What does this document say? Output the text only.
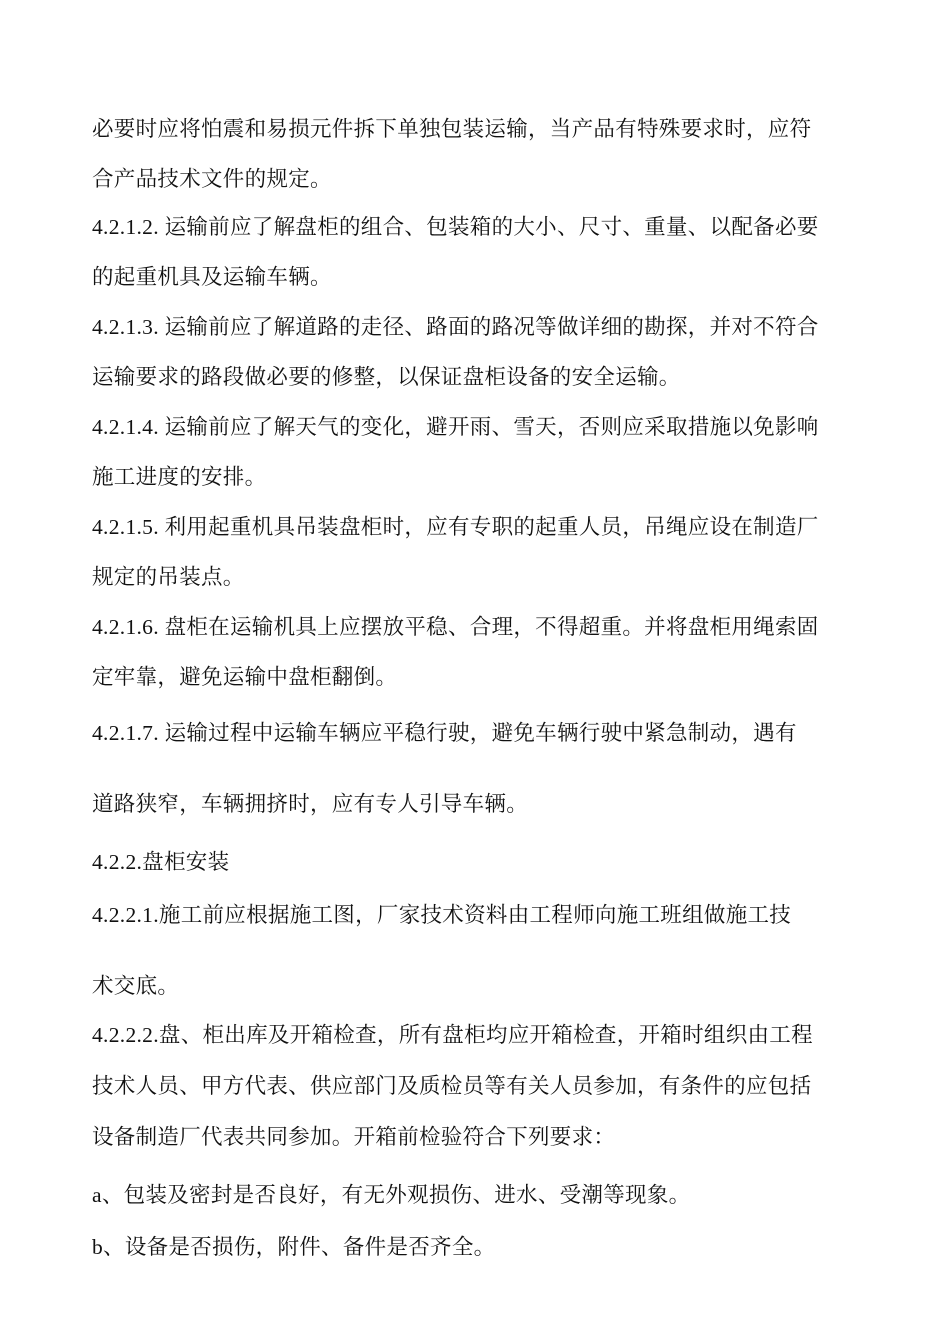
必要时应将怕震和易损元件拆下单独包装运输，当产品有特殊要求时，应符
合产品技术文件的规定。
4.2.1.2. 运输前应了解盘柜的组合、包装箱的大小、尺寸、重量、以配备必要
的起重机具及运输车辆。
4.2.1.3. 运输前应了解道路的走径、路面的路况等做详细的勘探，并对不符合
运输要求的路段做必要的修整，以保证盘柜设备的安全运输。
4.2.1.4. 运输前应了解天气的变化，避开雨、雪天，否则应采取措施以免影响
施工进度的安排。
4.2.1.5. 利用起重机具吊装盘柜时，应有专职的起重人员，吊绳应设在制造厂
规定的吊装点。
4.2.1.6. 盘柜在运输机具上应摆放平稳、合理，不得超重。并将盘柜用绳索固
定牢靠，避免运输中盘柜翻倒。
4.2.1.7. 运输过程中运输车辆应平稳行驶，避免车辆行驶中紧急制动，遇有
道路狭窄，车辆拥挤时，应有专人引导车辆。
4.2.2.盘柜安装
4.2.2.1.施工前应根据施工图，厂家技术资料由工程师向施工班组做施工技
术交底。
4.2.2.2.盘、柜出库及开箱检查，所有盘柜均应开箱检查，开箱时组织由工程
技术人员、甲方代表、供应部门及质检员等有关人员参加，有条件的应包括
设备制造厂代表共同参加。开箱前检验符合下列要求：
a、包装及密封是否良好，有无外观损伤、进水、受潮等现象。
b、设备是否损伤，附件、备件是否齐全。
